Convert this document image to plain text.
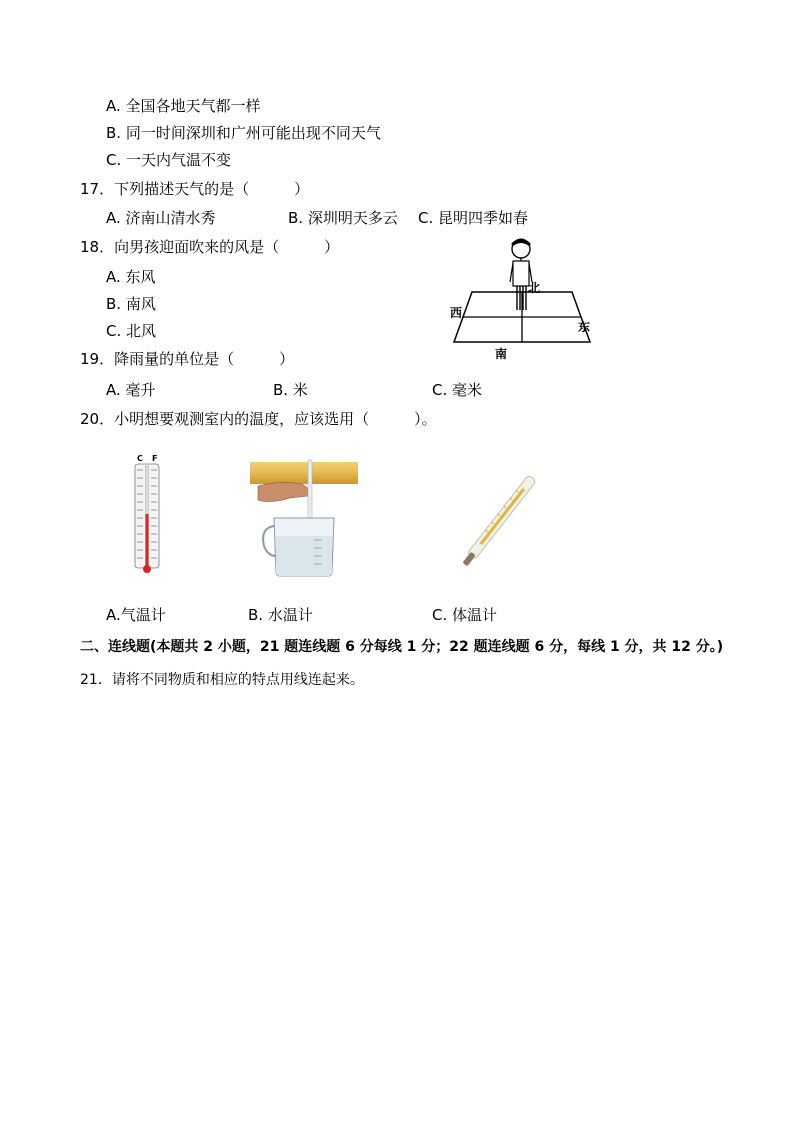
A. 全国各地天气都一样
B. 同一时间深圳和广州可能出现不同天气
C. 一天内气温不变
17．下列描述天气的是（　　　）
A. 济南山清水秀	B. 深圳明天多云 C. 昆明四季如春
18．向男孩迎面吹来的风是（　　　）
A. 东风
B. 南风
C. 北风
北
西
东
南
19．降雨量的单位是（　　　）
A. 毫升	B. 米	C. 毫米
20．小明想要观测室内的温度，应该选用（　　　）。
C F
A.气温计	B. 水温计	C. 体温计
二、连线题(本题共 2 小题，21 题连线题 6 分每线 1 分；22 题连线题 6 分，每线 1 分，共 12 分。)
21．请将不同物质和相应的特点用线连起来。
